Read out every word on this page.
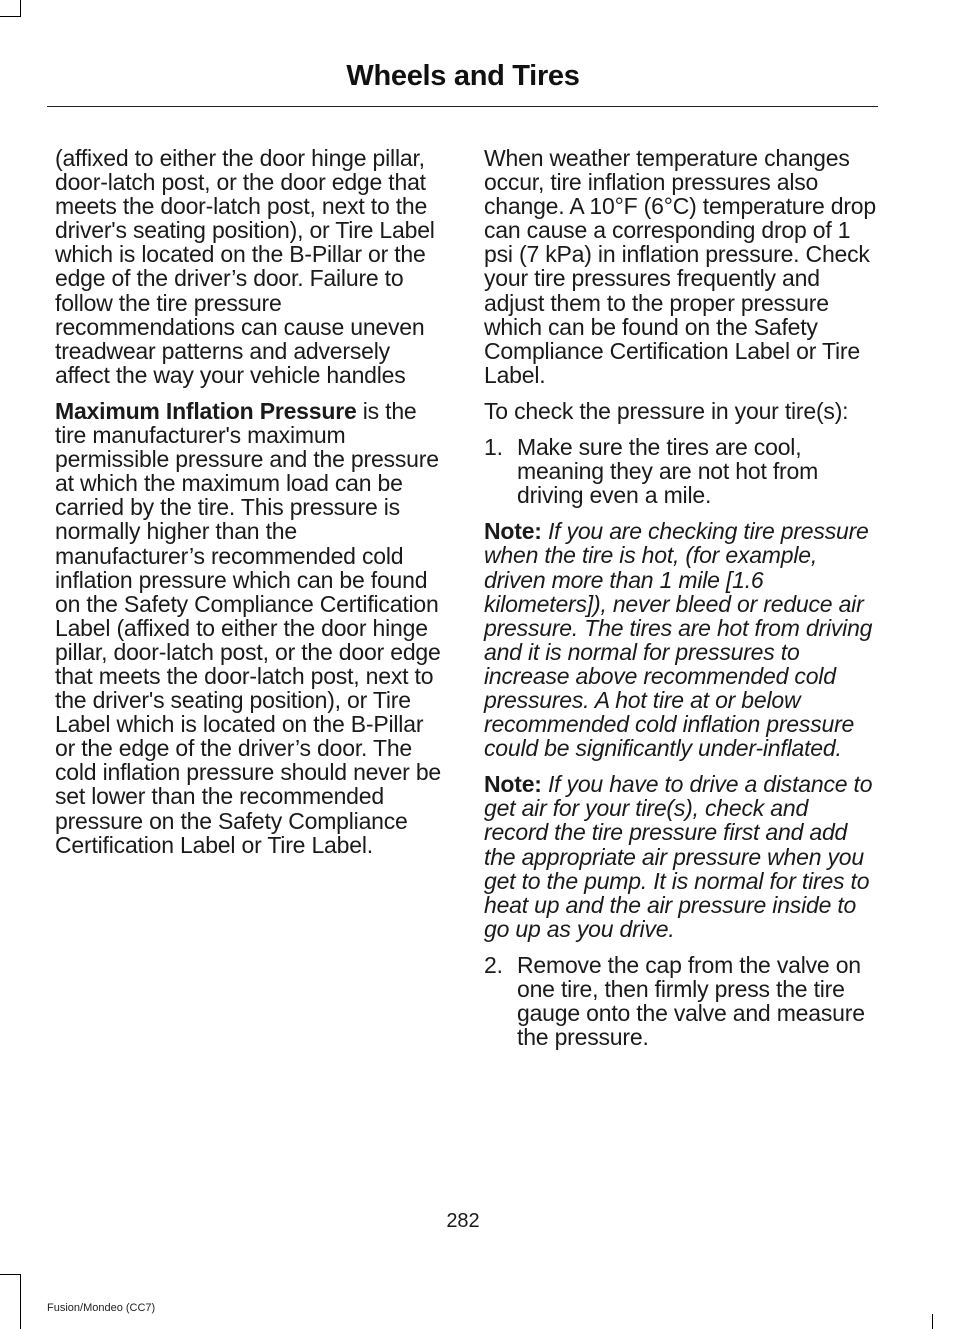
Wheels and Tires

(affixed to either the door hinge pillar, door-latch post, or the door edge that meets the door-latch post, next to the driver's seating position), or Tire Label which is located on the B-Pillar or the edge of the driver’s door. Failure to follow the tire pressure recommendations can cause uneven treadwear patterns and adversely affect the way your vehicle handles

Maximum Inflation Pressure is the tire manufacturer's maximum permissible pressure and the pressure at which the maximum load can be carried by the tire. This pressure is normally higher than the manufacturer’s recommended cold inflation pressure which can be found on the Safety Compliance Certification Label (affixed to either the door hinge pillar, door-latch post, or the door edge that meets the door-latch post, next to the driver's seating position), or Tire Label which is located on the B-Pillar or the edge of the driver’s door. The cold inflation pressure should never be set lower than the recommended pressure on the Safety Compliance Certification Label or Tire Label.

When weather temperature changes occur, tire inflation pressures also change. A 10°F (6°C) temperature drop can cause a corresponding drop of 1 psi (7 kPa) in inflation pressure. Check your tire pressures frequently and adjust them to the proper pressure which can be found on the Safety Compliance Certification Label or Tire Label.

To check the pressure in your tire(s):

1. Make sure the tires are cool, meaning they are not hot from driving even a mile.

Note: If you are checking tire pressure when the tire is hot, (for example, driven more than 1 mile [1.6 kilometers]), never bleed or reduce air pressure. The tires are hot from driving and it is normal for pressures to increase above recommended cold pressures. A hot tire at or below recommended cold inflation pressure could be significantly under-inflated.

Note: If you have to drive a distance to get air for your tire(s), check and record the tire pressure first and add the appropriate air pressure when you get to the pump. It is normal for tires to heat up and the air pressure inside to go up as you drive.

2. Remove the cap from the valve on one tire, then firmly press the tire gauge onto the valve and measure the pressure.
282
Fusion/Mondeo (CC7)
